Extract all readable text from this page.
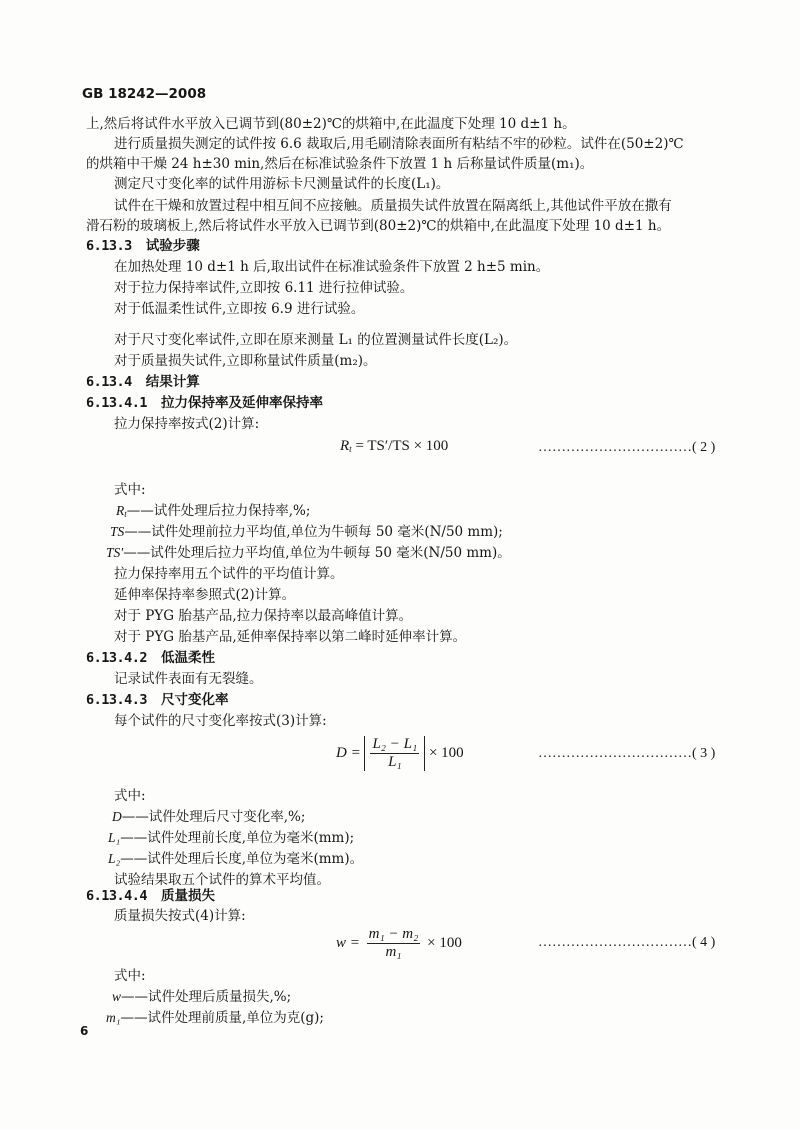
GB 18242—2008
上,然后将试件水平放入已调节到(80±2)℃的烘箱中,在此温度下处理 10 d±1 h。
进行质量损失测定的试件按 6.6 裁取后,用毛刷清除表面所有粘结不牢的砂粒。试件在(50±2)℃
的烘箱中干燥 24 h±30 min,然后在标准试验条件下放置 1 h 后称量试件质量(m₁)。
测定尺寸变化率的试件用游标卡尺测量试件的长度(L₁)。
试件在干燥和放置过程中相互间不应接触。质量损失试件放置在隔离纸上,其他试件平放在撒有
滑石粉的玻璃板上,然后将试件水平放入已调节到(80±2)℃的烘箱中,在此温度下处理 10 d±1 h。
6.13.3 试验步骤
在加热处理 10 d±1 h 后,取出试件在标准试验条件下放置 2 h±5 min。
对于拉力保持率试件,立即按 6.11 进行拉伸试验。
对于低温柔性试件,立即按 6.9 进行试验。
对于尺寸变化率试件,立即在原来测量 L₁ 的位置测量试件长度(L₂)。
对于质量损失试件,立即称量试件质量(m₂)。
6.13.4 结果计算
6.13.4.1 拉力保持率及延伸率保持率
拉力保持率按式(2)计算:
$R_t = TS'/TS \times 100$	……………………………( 2 )
式中:
$R_t——$试件处理后拉力保持率,%;
TS——试件处理前拉力平均值,单位为牛顿每 50 毫米(N/50 mm);
TS′——试件处理后拉力平均值,单位为牛顿每 50 毫米(N/50 mm)。
拉力保持率用五个试件的平均值计算。
延伸率保持率参照式(2)计算。
对于 PYG 胎基产品,拉力保持率以最高峰值计算。
对于 PYG 胎基产品,延伸率保持率以第二峰时延伸率计算。
6.13.4.2 低温柔性
记录试件表面有无裂缝。
6.13.4.3 尺寸变化率
每个试件的尺寸变化率按式(3)计算:
$D = \frac{\text{L₂ − L₁}}{\text{L₁}} \times 100$	……………………………( 3 )
式中:
D——试件处理后尺寸变化率,%;
L₁——试件处理前长度,单位为毫米(mm);
L₂——试件处理后长度,单位为毫米(mm)。
试验结果取五个试件的算术平均值。
6.13.4.4 质量损失
质量损失按式(4)计算:
$w = \frac{\text{m₁ − m₂}}{\text{m₁}} \times 100$	……………………………( 4 )
式中:
w——试件处理后质量损失,%;
m₁——试件处理前质量,单位为克(g);
6
